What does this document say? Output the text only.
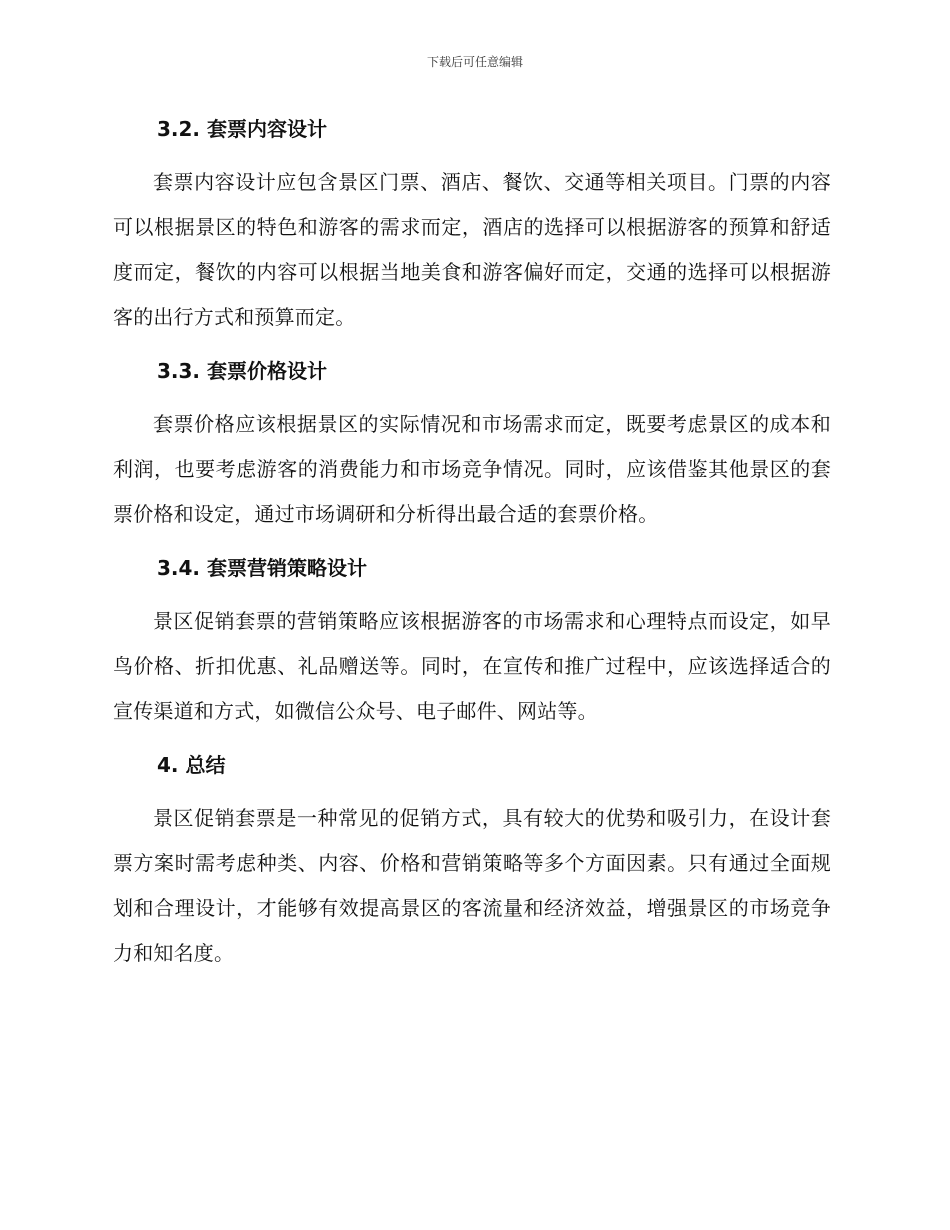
下载后可任意编辑
3.2. 套票内容设计

套票内容设计应包含景区门票、酒店、餐饮、交通等相关项目。门票的内容可以根据景区的特色和游客的需求而定，酒店的选择可以根据游客的预算和舒适度而定，餐饮的内容可以根据当地美食和游客偏好而定，交通的选择可以根据游客的出行方式和预算而定。

3.3. 套票价格设计

套票价格应该根据景区的实际情况和市场需求而定，既要考虑景区的成本和利润，也要考虑游客的消费能力和市场竞争情况。同时，应该借鉴其他景区的套票价格和设定，通过市场调研和分析得出最合适的套票价格。

3.4. 套票营销策略设计

景区促销套票的营销策略应该根据游客的市场需求和心理特点而设定，如早鸟价格、折扣优惠、礼品赠送等。同时，在宣传和推广过程中，应该选择适合的宣传渠道和方式，如微信公众号、电子邮件、网站等。

4. 总结

景区促销套票是一种常见的促销方式，具有较大的优势和吸引力，在设计套票方案时需考虑种类、内容、价格和营销策略等多个方面因素。只有通过全面规划和合理设计，才能够有效提高景区的客流量和经济效益，增强景区的市场竞争力和知名度。
